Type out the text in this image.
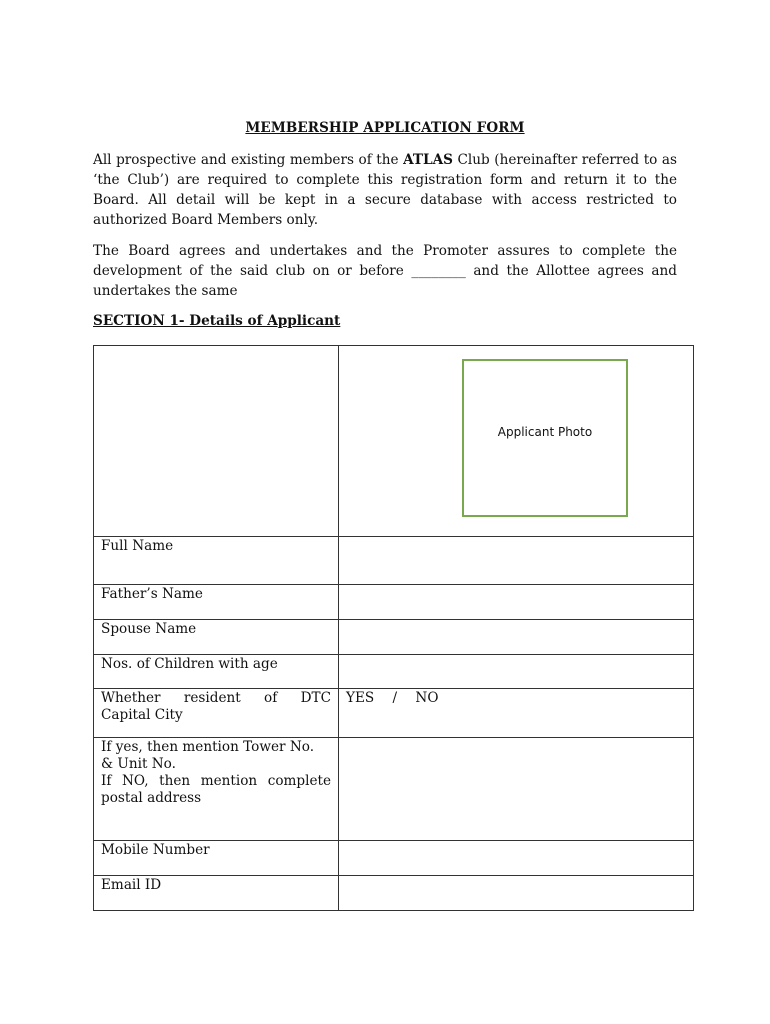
MEMBERSHIP APPLICATION FORM

All prospective and existing members of the ATLAS Club (hereinafter referred to as ‘the Club’) are required to complete this registration form and return it to the Board. All detail will be kept in a secure database with access restricted to authorized Board Members only.

The Board agrees and undertakes and the Promoter assures to complete the development of the said club on or before ________ and the Allottee agrees and undertakes the same

SECTION 1- Details of Applicant

	Applicant Photo

Full Name	
Father’s Name	
Spouse Name	
Nos. of Children with age	

Whether resident of DTC
Capital City	YES / NO

If yes, then mention Tower No.
& Unit No.
If NO, then mention complete
postal address	

Mobile Number	
Email ID	
